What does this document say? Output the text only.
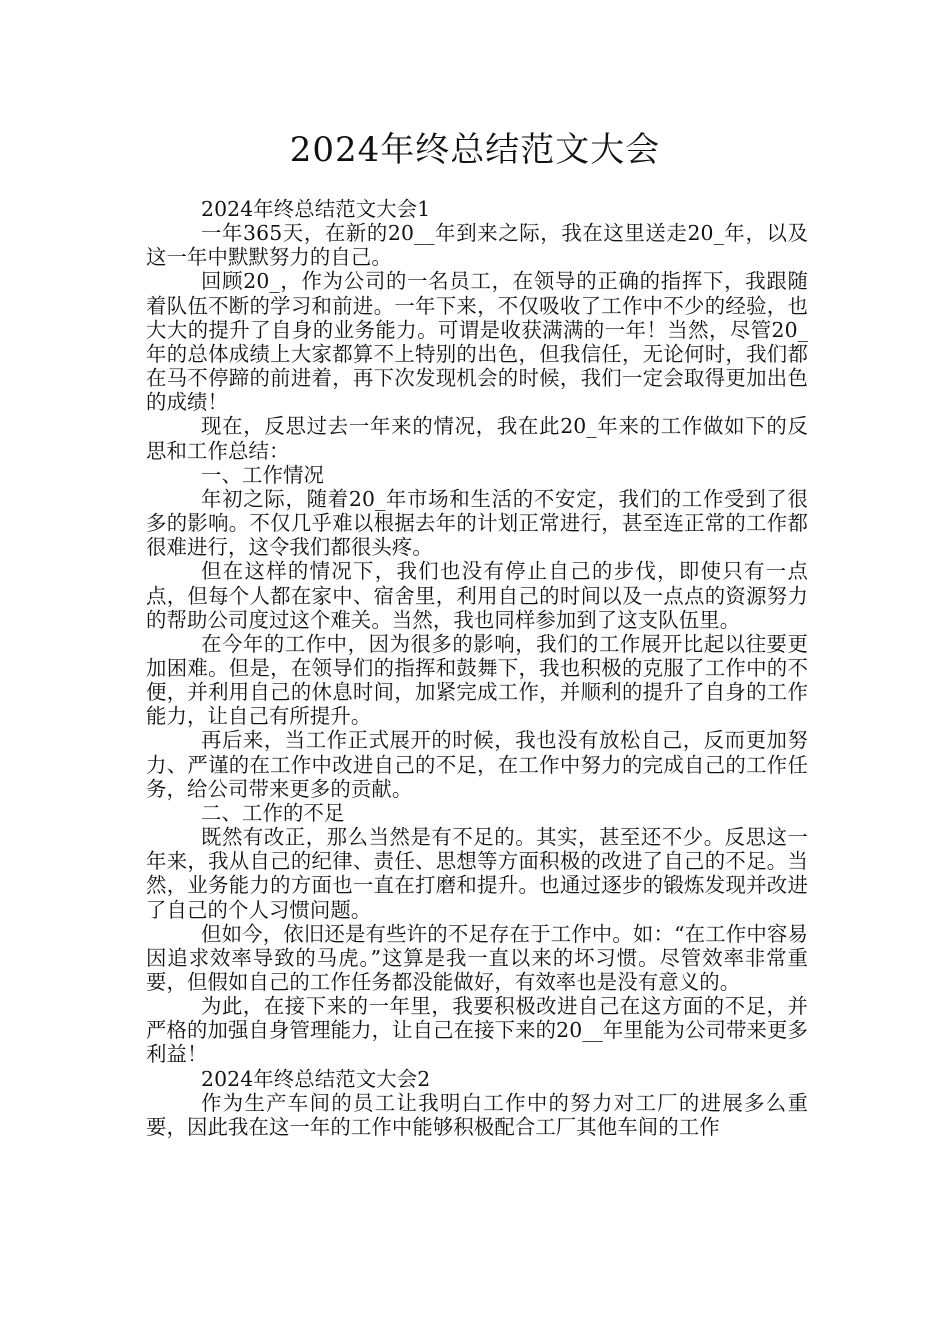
2024年终总结范文大会

2024年终总结范文大会1

一年365天，在新的20__年到来之际，我在这里送走20_年，以及这一年中默默努力的自己。

回顾20_，作为公司的一名员工，在领导的正确的指挥下，我跟随着队伍不断的学习和前进。一年下来，不仅吸收了工作中不少的经验，也大大的提升了自身的业务能力。可谓是收获满满的一年！当然，尽管20_年的总体成绩上大家都算不上特别的出色，但我信任，无论何时，我们都在马不停蹄的前进着，再下次发现机会的时候，我们一定会取得更加出色的成绩！

现在，反思过去一年来的情况，我在此20_年来的工作做如下的反思和工作总结：

一、工作情况

年初之际，随着20_年市场和生活的不安定，我们的工作受到了很多的影响。不仅几乎难以根据去年的计划正常进行，甚至连正常的工作都很难进行，这令我们都很头疼。

但在这样的情况下，我们也没有停止自己的步伐，即使只有一点点，但每个人都在家中、宿舍里，利用自己的时间以及一点点的资源努力的帮助公司度过这个难关。当然，我也同样参加到了这支队伍里。

在今年的工作中，因为很多的影响，我们的工作展开比起以往要更加困难。但是，在领导们的指挥和鼓舞下，我也积极的克服了工作中的不便，并利用自己的休息时间，加紧完成工作，并顺利的提升了自身的工作能力，让自己有所提升。

再后来，当工作正式展开的时候，我也没有放松自己，反而更加努力、严谨的在工作中改进自己的不足，在工作中努力的完成自己的工作任务，给公司带来更多的贡献。

二、工作的不足

既然有改正，那么当然是有不足的。其实，甚至还不少。反思这一年来，我从自己的纪律、责任、思想等方面积极的改进了自己的不足。当然，业务能力的方面也一直在打磨和提升。也通过逐步的锻炼发现并改进了自己的个人习惯问题。

但如今，依旧还是有些许的不足存在于工作中。如：“在工作中容易因追求效率导致的马虎。”这算是我一直以来的坏习惯。尽管效率非常重要，但假如自己的工作任务都没能做好，有效率也是没有意义的。

为此，在接下来的一年里，我要积极改进自己在这方面的不足，并严格的加强自身管理能力，让自己在接下来的20__年里能为公司带来更多利益！

2024年终总结范文大会2

作为生产车间的员工让我明白工作中的努力对工厂的进展多么重要，因此我在这一年的工作中能够积极配合工厂其他车间的工作
